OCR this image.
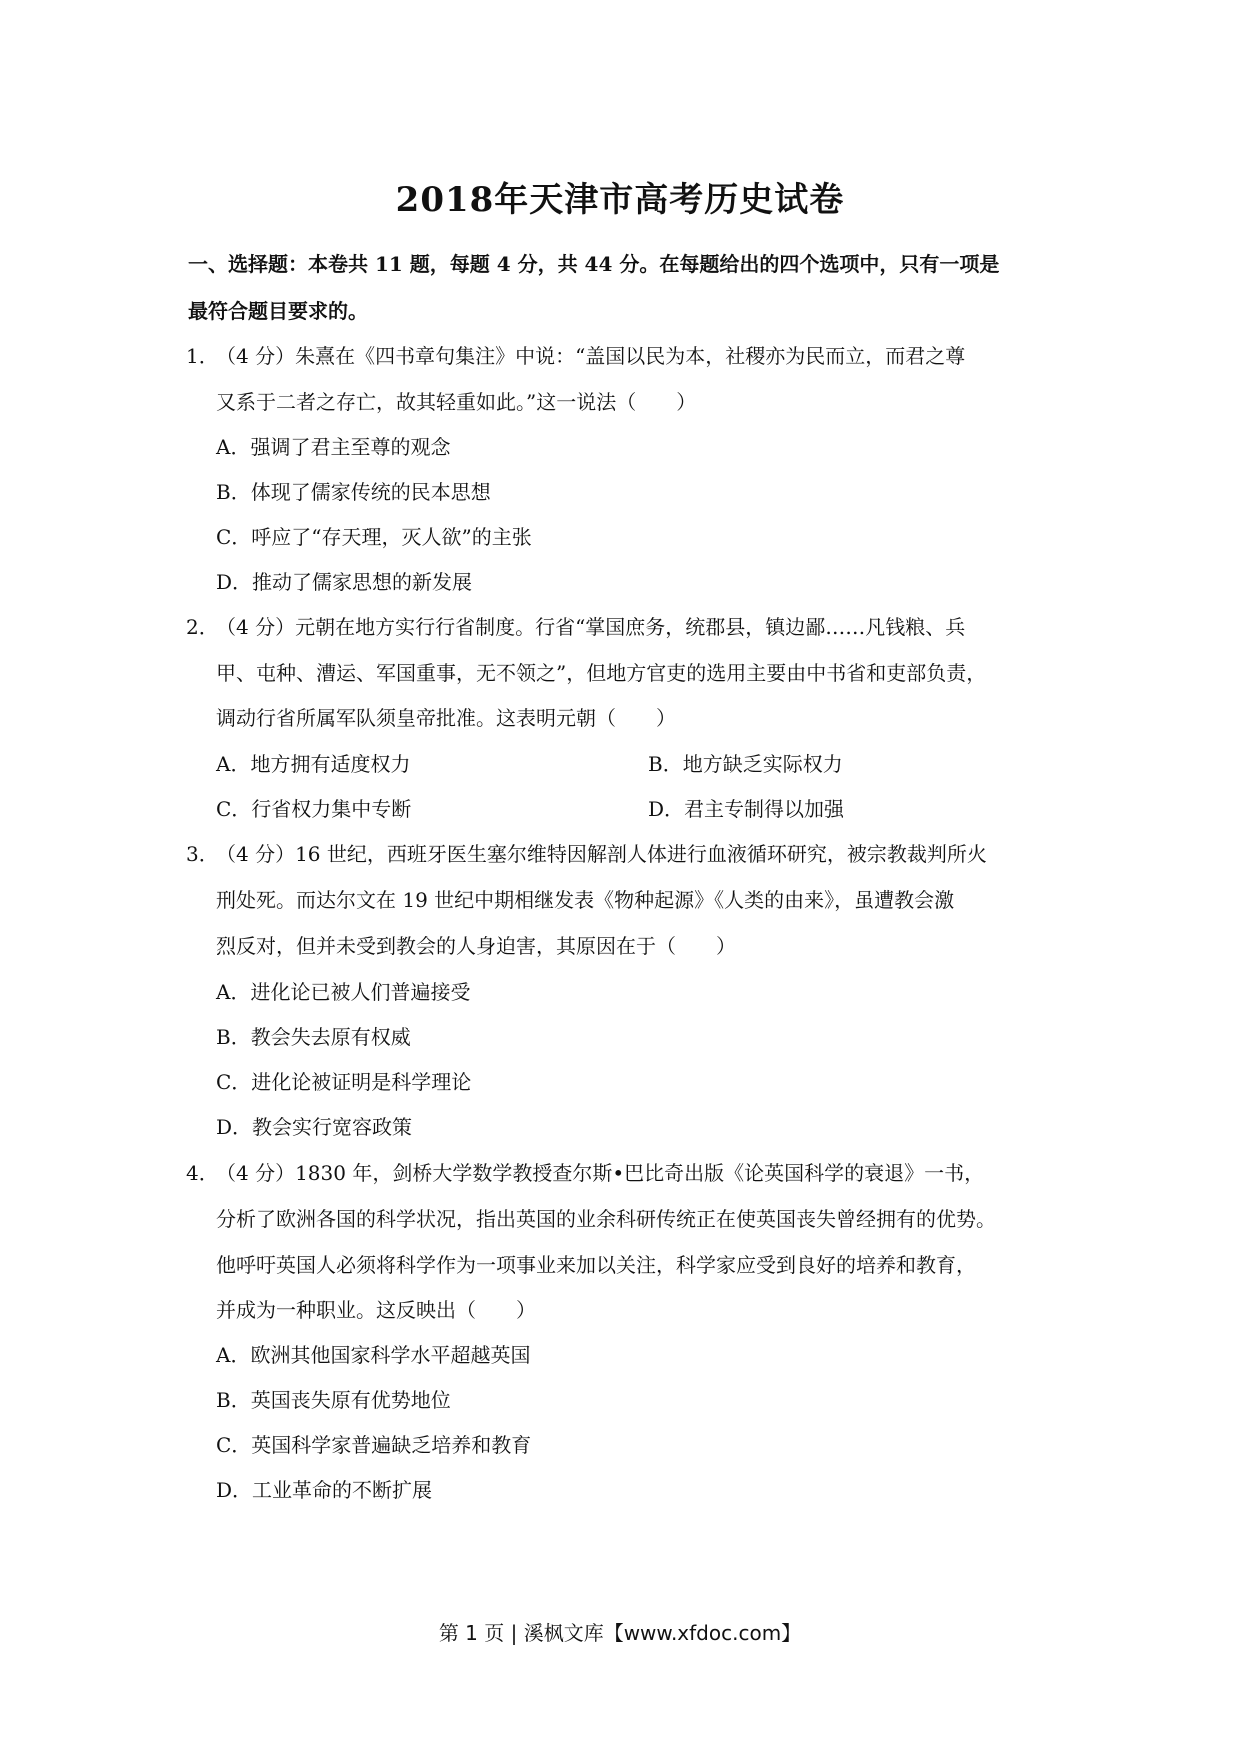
2018年天津市高考历史试卷
一、选择题：本卷共 11 题，每题 4 分，共 44 分。在每题给出的四个选项中，只有一项是
最符合题目要求的。
1．
（4 分）朱熹在《四书章句集注》中说：“盖国以民为本，社稷亦为民而立，而君之尊
又系于二者之存亡，故其轻重如此。”这一说法（　　）
A．强调了君主至尊的观念
B．体现了儒家传统的民本思想
C．呼应了“存天理，灭人欲”的主张
D．推动了儒家思想的新发展
2．
（4 分）元朝在地方实行行省制度。行省“掌国庶务，统郡县，镇边鄙……凡钱粮、兵
甲、屯种、漕运、军国重事，无不领之”，但地方官吏的选用主要由中书省和吏部负责，
调动行省所属军队须皇帝批准。这表明元朝（　　）
A．地方拥有适度权力	B．地方缺乏实际权力
C．行省权力集中专断	D．君主专制得以加强
3．
（4 分）16 世纪，西班牙医生塞尔维特因解剖人体进行血液循环研究，被宗教裁判所火
刑处死。而达尔文在 19 世纪中期相继发表《物种起源》《人类的由来》，虽遭教会激
烈反对，但并未受到教会的人身迫害，其原因在于（　　）
A．进化论已被人们普遍接受
B．教会失去原有权威
C．进化论被证明是科学理论
D．教会实行宽容政策
4．
（4 分）1830 年，剑桥大学数学教授查尔斯•巴比奇出版《论英国科学的衰退》一书，
分析了欧洲各国的科学状况，指出英国的业余科研传统正在使英国丧失曾经拥有的优势。
他呼吁英国人必须将科学作为一项事业来加以关注，科学家应受到良好的培养和教育，
并成为一种职业。这反映出（　　）
A．欧洲其他国家科学水平超越英国
B．英国丧失原有优势地位
C．英国科学家普遍缺乏培养和教育
D．工业革命的不断扩展
第 1 页 | 溪枫文库【www.xfdoc.com】
